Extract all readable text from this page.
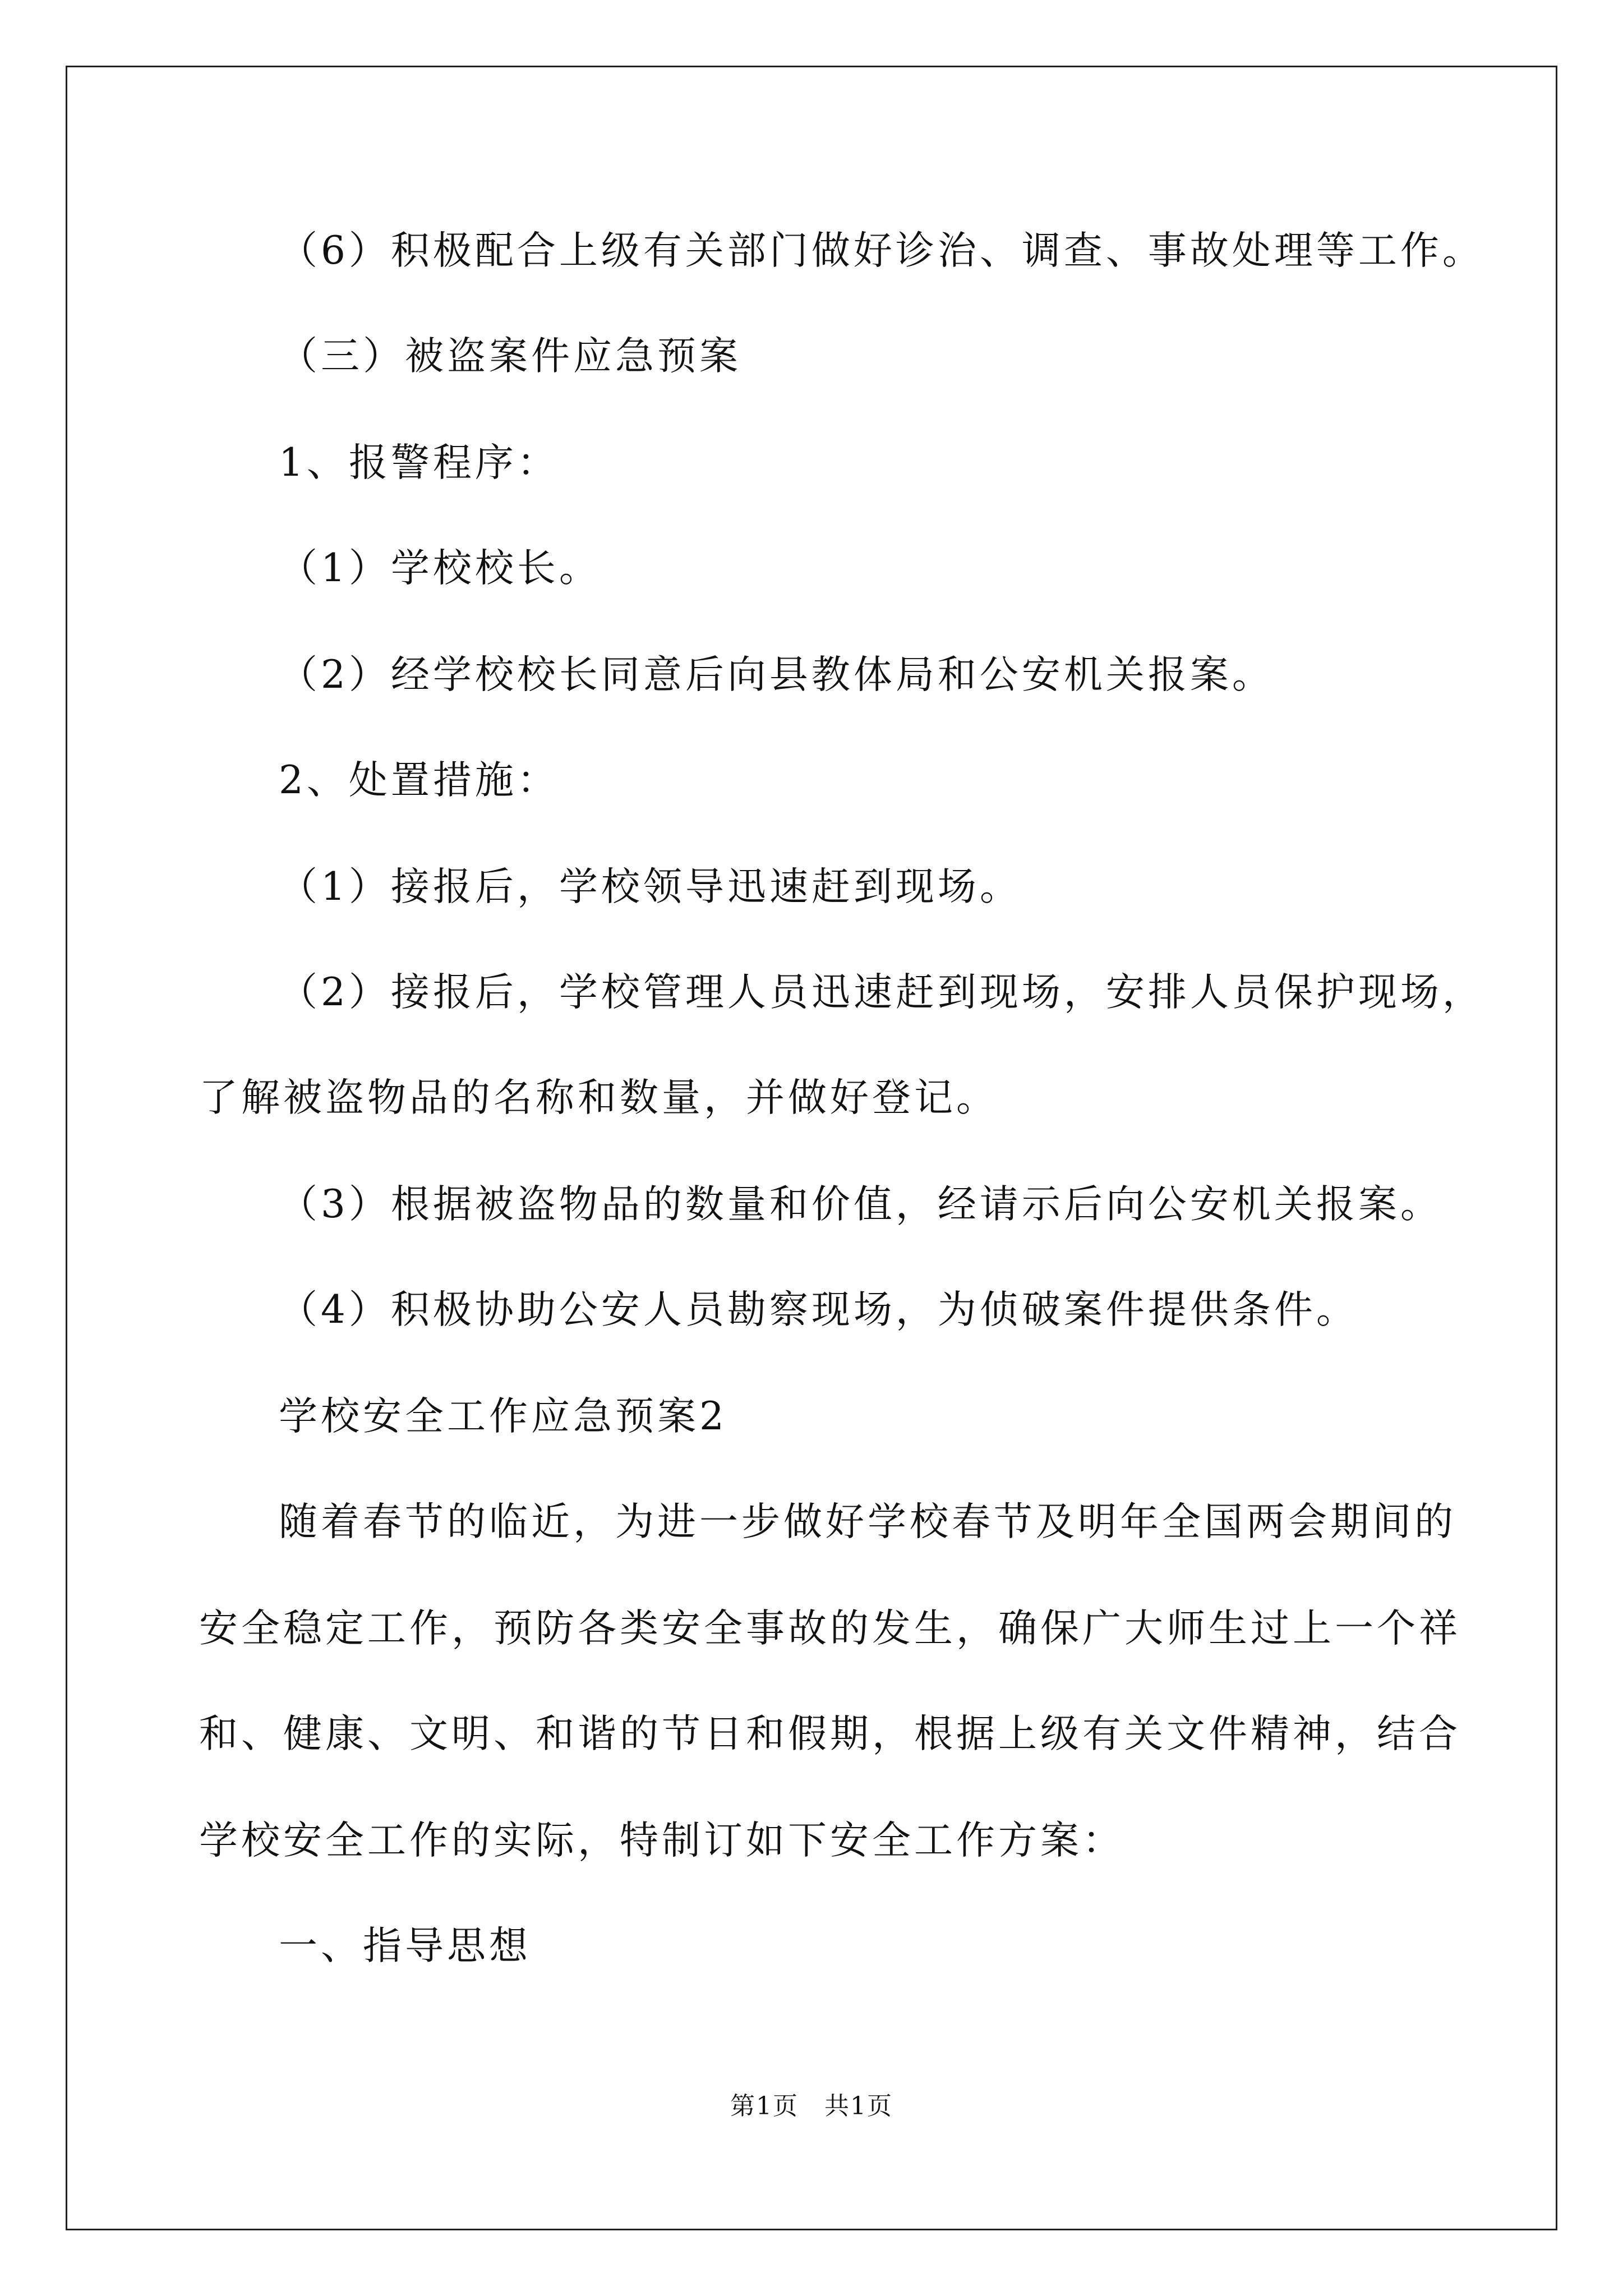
（6）积极配合上级有关部门做好诊治、调查、事故处理等工作。
（三）被盗案件应急预案
1、报警程序：
（1）学校校长。
（2）经学校校长同意后向县教体局和公安机关报案。
2、处置措施：
（1）接报后，学校领导迅速赶到现场。
（2）接报后，学校管理人员迅速赶到现场，安排人员保护现场，
了解被盗物品的名称和数量，并做好登记。
（3）根据被盗物品的数量和价值，经请示后向公安机关报案。
（4）积极协助公安人员勘察现场，为侦破案件提供条件。
学校安全工作应急预案2
随着春节的临近，为进一步做好学校春节及明年全国两会期间的
安全稳定工作，预防各类安全事故的发生，确保广大师生过上一个祥
和、健康、文明、和谐的节日和假期，根据上级有关文件精神，结合
学校安全工作的实际，特制订如下安全工作方案：
一、指导思想
第1页　共1页
